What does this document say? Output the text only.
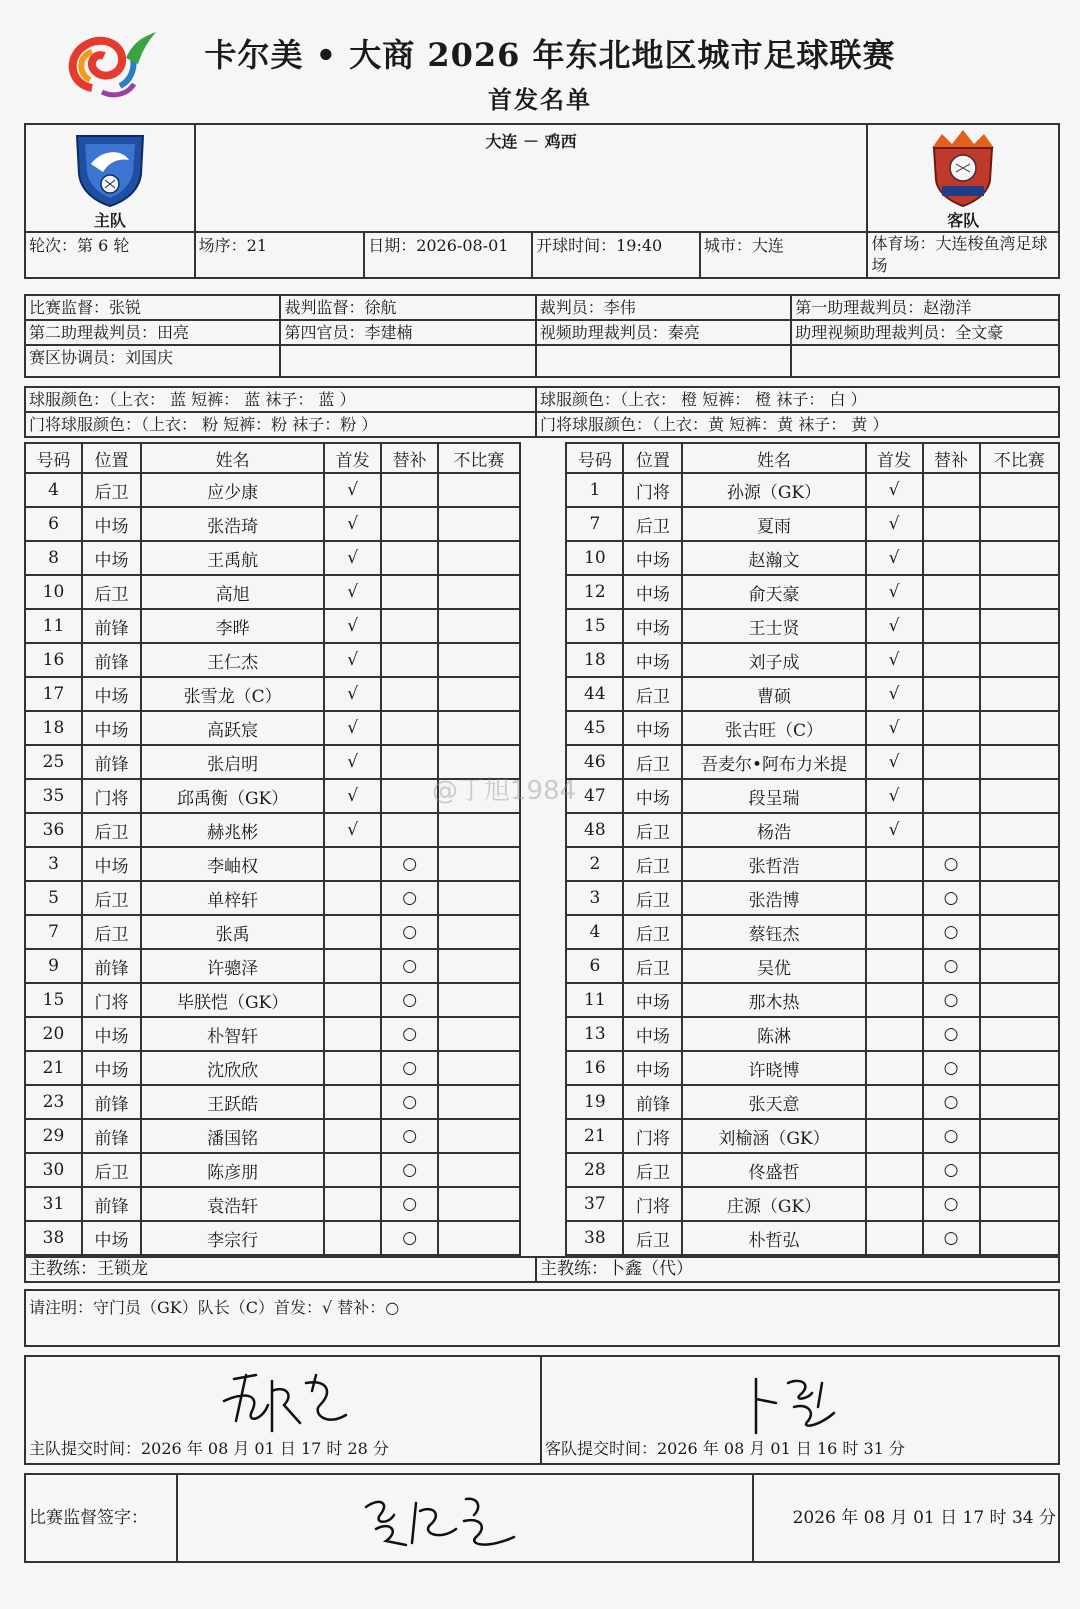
卡尔美 • 大商 2026 年东北地区城市足球联赛
首发名单
主队	大连 － 鸡西				客队
轮次：第 6 轮	场序：21	日期：2026-08-01	开球时间：19:40	城市：大连	体育场：大连梭鱼湾足球场
比赛监督：张锐	裁判监督：徐航	裁判员：李伟	第一助理裁判员：赵渤洋
第二助理裁判员：田亮	第四官员：李建楠	视频助理裁判员：秦亮	助理视频助理裁判员：全文豪
赛区协调员：刘国庆			
球服颜色：（上衣： 蓝 短裤： 蓝 袜子： 蓝 ）	球服颜色：（上衣： 橙 短裤： 橙 袜子： 白 ）
门将球服颜色：（上衣： 粉 短裤：粉 袜子：粉 ）	门将球服颜色：（上衣：黄 短裤：黄 袜子： 黄 ）
号码	位置	姓名	首发	替补	不比赛		号码	位置	姓名	首发	替补	不比赛
4	后卫	应少康	√				1	门将	孙源（GK）	√		
6	中场	张浩琦	√				7	后卫	夏雨	√		
8	中场	王禹航	√				10	中场	赵瀚文	√		
10	后卫	高旭	√				12	中场	俞天豪	√		
11	前锋	李晔	√				15	中场	王士贤	√		
16	前锋	王仁杰	√				18	中场	刘子成	√		
17	中场	张雪龙（C）	√				44	后卫	曹硕	√		
18	中场	高跃宸	√				45	中场	张古旺（C）	√		
25	前锋	张启明	√				46	后卫	吾麦尔•阿布力米提	√		
35	门将	邱禹衡（GK）	√				47	中场	段呈瑞	√		
36	后卫	赫兆彬	√				48	后卫	杨浩	√		
3	中场	李岫权		○			2	后卫	张哲浩		○	
5	后卫	单梓轩		○			3	后卫	张浩博		○	
7	后卫	张禹		○			4	后卫	蔡钰杰		○	
9	前锋	许骢泽		○			6	后卫	吴优		○	
15	门将	毕朕恺（GK）		○			11	中场	那木热		○	
20	中场	朴智轩		○			13	中场	陈淋		○	
21	中场	沈欣欣		○			16	中场	许晓博		○	
23	前锋	王跃皓		○			19	前锋	张天意		○	
29	前锋	潘国铭		○			21	门将	刘榆涵（GK）		○	
30	后卫	陈彦朋		○			28	后卫	佟盛哲		○	
31	前锋	袁浩轩		○			37	门将	庄源（GK）		○	
38	中场	李宗行		○			38	后卫	朴哲弘		○	
@丁旭1984
主教练：王锁龙	主教练：卜鑫（代）
请注明：守门员（GK）队长（C）首发：√ 替补：○
主队提交时间：2026 年 08 月 01 日 17 时 28 分	客队提交时间：2026 年 08 月 01 日 16 时 31 分
比赛监督签字：	2026 年 08 月 01 日 17 时 34 分
